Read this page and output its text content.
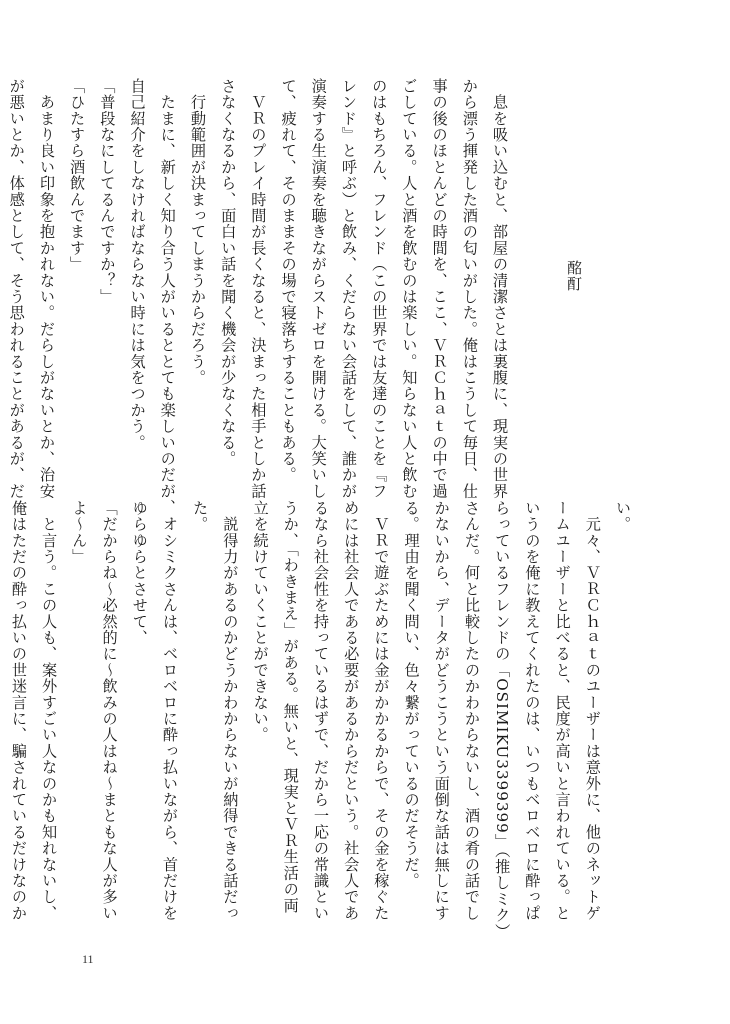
酩酊
　息を吸い込むと、部屋の清潔さとは裏腹に、現実の世界
から漂う揮発した酒の匂いがした。俺はこうして毎日、仕
事の後のほとんどの時間を、ここ、ＶＲＣｈａｔの中で過
ごしている。人と酒を飲むのは楽しい。知らない人と飲む
のはもちろん、フレンド（この世界では友達のことを『フ
レンド』と呼ぶ）と飲み、くだらない会話をして、誰かが
演奏する生演奏を聴きながらストゼロを開ける。大笑いし
て、疲れて、そのままその場で寝落ちすることもある。
　ＶＲのプレイ時間が長くなると、決まった相手としか話
さなくなるから、面白い話を聞く機会が少なくなる。
　行動範囲が決まってしまうからだろう。
　たまに、新しく知り合う人がいるととても楽しいのだが、
自己紹介をしなければならない時には気をつかう。
「普段なにしてるんですか？」
「ひたすら酒飲んでます」
　あまり良い印象を抱かれない。だらしがないとか、治安
が悪いとか、体感として、そう思われることがあるが、だ
い。
　元々、ＶＲＣｈａｔのユーザーは意外に、他のネットゲ
ームユーザーと比べると、民度が高いと言われている。と
いうのを俺に教えてくれたのは、いつもベロベロに酔っぱ
らっているフレンドの「OSIMIKU3399399」（推しミク）
さんだ。何と比較したのかわからないし、酒の肴の話でし
かないから、データがどうこうという面倒な話は無しにす
る。理由を聞く問い、色々繋がっているのだそうだ。
　ＶＲで遊ぶためには金がかかるからで、その金を稼ぐた
めには社会人である必要があるからだという。社会人であ
るなら社会性を持っているはずで、だから一応の常識とい
うか、「わきまえ」がある。無いと、現実とＶＲ生活の両
立を続けていくことができない。
　説得力があるのかどうかわからないが納得できる話だっ
た。
　オシミクさんは、ベロベロに酔っ払いながら、首だけを
ゆらゆらとさせて、
「だからね〜必然的に〜飲みの人はね〜まともな人が多い
よ〜ん」
　と言う。この人も、案外すごい人なのかも知れないし、
俺はただの酔っ払いの世迷言に、騙されているだけなのか
11
